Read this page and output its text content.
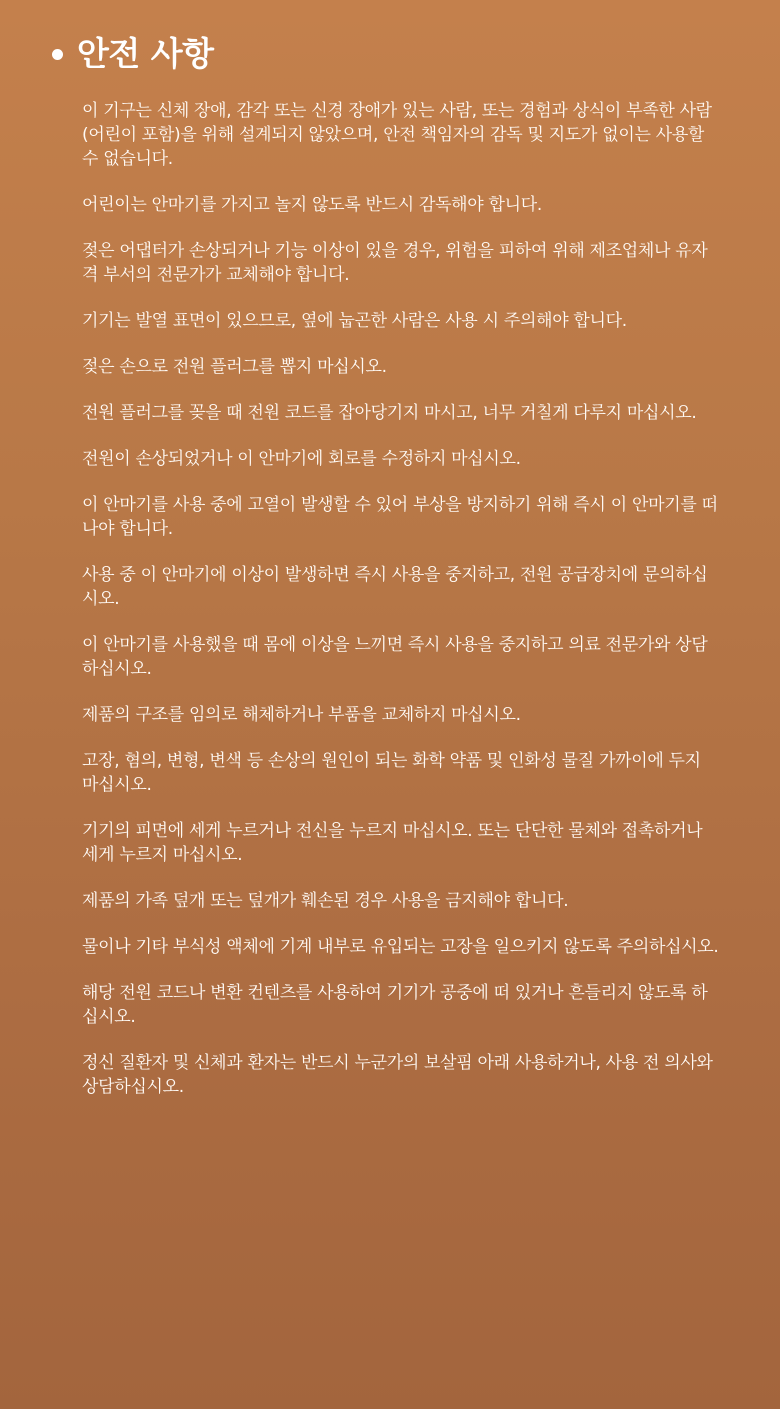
안전 사항
이 기구는 신체 장애, 감각 또는 신경 장애가 있는 사람, 또는 경험과 상식이 부족한 사람(어린이 포함)을 위해 설계되지 않았으며, 안전 책임자의 감독 및 지도가 없이는 사용할 수 없습니다.
어린이는 안마기를 가지고 놀지 않도록 반드시 감독해야 합니다.
젖은 어댑터가 손상되거나 기능 이상이 있을 경우, 위험을 피하여 위해 제조업체나 유자격 부서의 전문가가 교체해야 합니다.
기기는 발열 표면이 있으므로, 옆에 눕곤한 사람은 사용 시 주의해야 합니다.
젖은 손으로 전원 플러그를 뽑지 마십시오.
전원 플러그를 꽂을 때 전원 코드를 잡아당기지 마시고, 너무 거칠게 다루지 마십시오.
전원이 손상되었거나 이 안마기에 회로를 수정하지 마십시오.
이 안마기를 사용 중에 고열이 발생할 수 있어 부상을 방지하기 위해 즉시 이 안마기를 떠나야 합니다.
사용 중 이 안마기에 이상이 발생하면 즉시 사용을 중지하고, 전원 공급장치에 문의하십시오.
이 안마기를 사용했을 때 몸에 이상을 느끼면 즉시 사용을 중지하고 의료 전문가와 상담하십시오.
제품의 구조를 임의로 해체하거나 부품을 교체하지 마십시오.
고장, 혐의, 변형, 변색 등 손상의 원인이 되는 화학 약품 및 인화성 물질 가까이에 두지 마십시오.
기기의 피면에 세게 누르거나 전신을 누르지 마십시오. 또는 단단한 물체와 접촉하거나 세게 누르지 마십시오.
제품의 가족 덮개 또는 덮개가 훼손된 경우 사용을 금지해야 합니다.
물이나 기타 부식성 액체에 기계 내부로 유입되는 고장을 일으키지 않도록 주의하십시오.
해당 전원 코드나 변환 컨텐츠를 사용하여 기기가 공중에 떠 있거나 흔들리지 않도록 하십시오.
정신 질환자 및 신체과 환자는 반드시 누군가의 보살핌 아래 사용하거나, 사용 전 의사와 상담하십시오.
